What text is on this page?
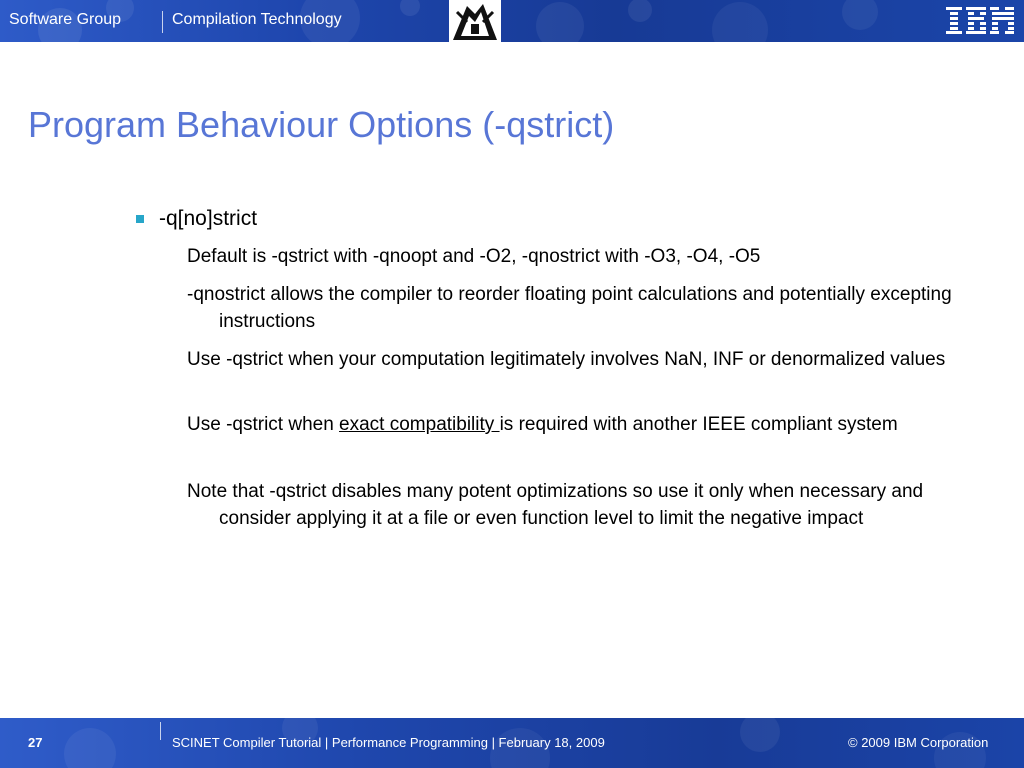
Software Group	Compilation Technology
Program Behaviour Options (-qstrict)
-q[no]strict
Default is -qstrict with -qnoopt and -O2, -qnostrict with -O3, -O4, -O5
-qnostrict allows the compiler to reorder floating point calculations and potentially excepting instructions
Use -qstrict when your computation legitimately involves NaN, INF or denormalized values
Use -qstrict when exact compatibility is required with another IEEE compliant system
Note that -qstrict disables many potent optimizations so use it only when necessary and consider applying it at a file or even function level to limit the negative impact
27	SCINET Compiler Tutorial | Performance Programming | February 18, 2009	© 2009 IBM Corporation
